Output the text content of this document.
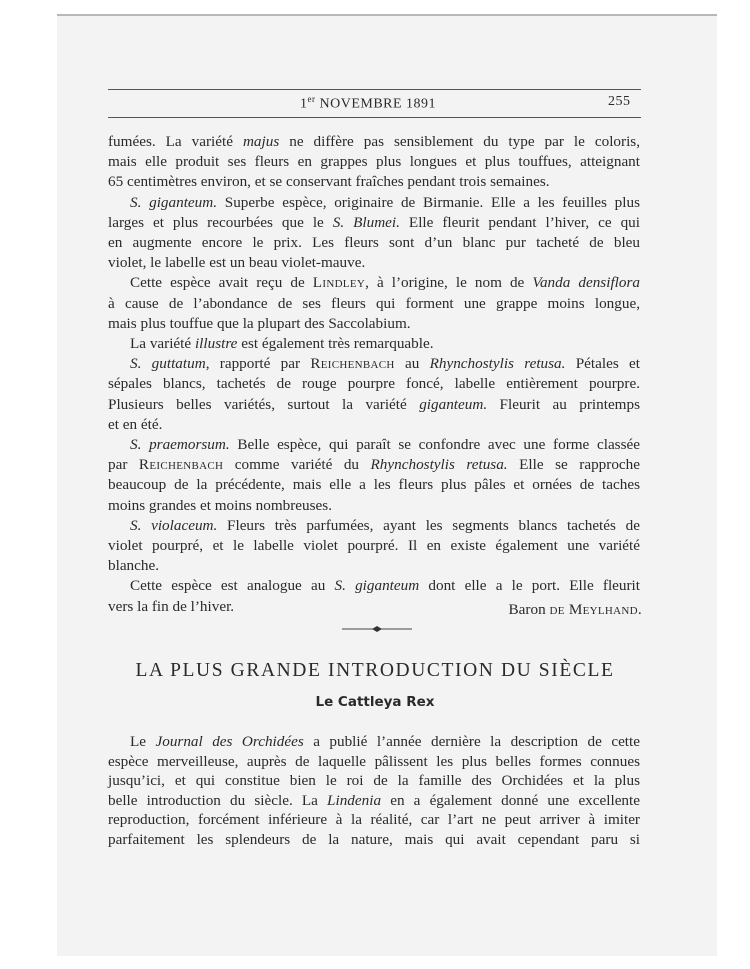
1er NOVEMBRE 1891	255
fumées. La variété majus ne diffère pas sensiblement du type par le coloris,
mais elle produit ses fleurs en grappes plus longues et plus touffues, atteignant
65 centimètres environ, et se conservant fraîches pendant trois semaines.
S. giganteum. Superbe espèce, originaire de Birmanie. Elle a les feuilles plus
larges et plus recourbées que le S. Blumei. Elle fleurit pendant l’hiver, ce qui
en augmente encore le prix. Les fleurs sont d’un blanc pur tacheté de bleu
violet, le labelle est un beau violet-mauve.
Cette espèce avait reçu de Lindley, à l’origine, le nom de Vanda densiflora
à cause de l’abondance de ses fleurs qui forment une grappe moins longue,
mais plus touffue que la plupart des Saccolabium.
La variété illustre est également très remarquable.
S. guttatum, rapporté par Reichenbach au Rhynchostylis retusa. Pétales et
sépales blancs, tachetés de rouge pourpre foncé, labelle entièrement pourpre.
Plusieurs belles variétés, surtout la variété giganteum. Fleurit au printemps
et en été.
S. praemorsum. Belle espèce, qui paraît se confondre avec une forme classée
par Reichenbach comme variété du Rhynchostylis retusa. Elle se rapproche
beaucoup de la précédente, mais elle a les fleurs plus pâles et ornées de taches
moins grandes et moins nombreuses.
S. violaceum. Fleurs très parfumées, ayant les segments blancs tachetés de
violet pourpré, et le labelle violet pourpré. Il en existe également une variété
blanche.
Cette espèce est analogue au S. giganteum dont elle a le port. Elle fleurit
vers la fin de l’hiver.	Baron de Meylhand.
LA PLUS GRANDE INTRODUCTION DU SIÈCLE
Le Cattleya Rex
Le Journal des Orchidées a publié l’année dernière la description de cette
espèce merveilleuse, auprès de laquelle pâlissent les plus belles formes connues
jusqu’ici, et qui constitue bien le roi de la famille des Orchidées et la plus
belle introduction du siècle. La Lindenia en a également donné une excellente
reproduction, forcément inférieure à la réalité, car l’art ne peut arriver à imiter
parfaitement les splendeurs de la nature, mais qui avait cependant paru si
